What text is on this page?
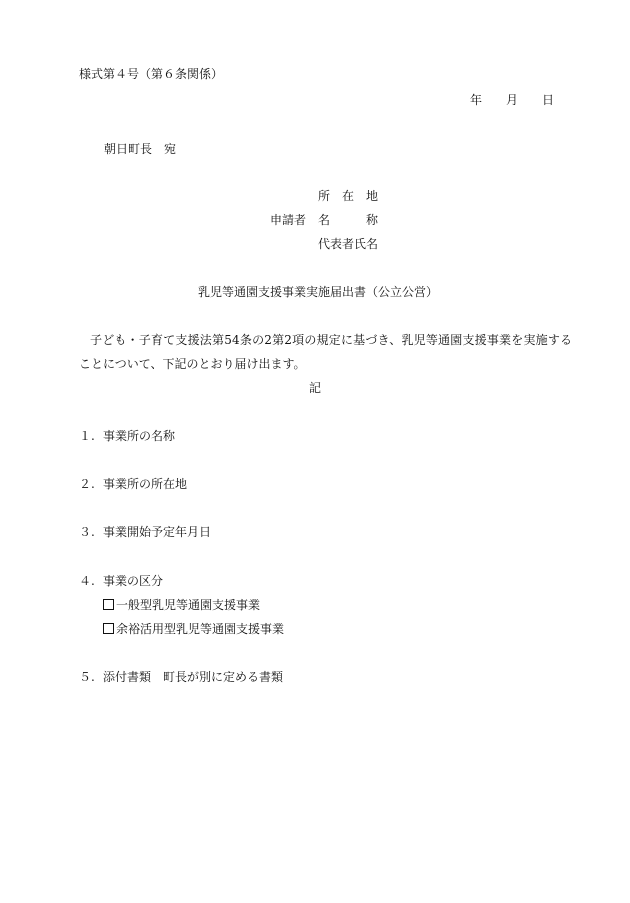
様式第４号（第６条関係）
年 月 日
朝日町長　宛
所　在　地
申請者 名　　　称
代表者氏名
乳児等通園支援事業実施届出書（公立公営）
子ども・子育て支援法第54条の2第2項の規定に基づき、乳児等通園支援事業を実施する
ことについて、下記のとおり届け出ます。
記
１. 事業所の名称
２. 事業所の所在地
３. 事業開始予定年月日
４. 事業の区分
一般型乳児等通園支援事業
余裕活用型乳児等通園支援事業
５. 添付書類　町長が別に定める書類
